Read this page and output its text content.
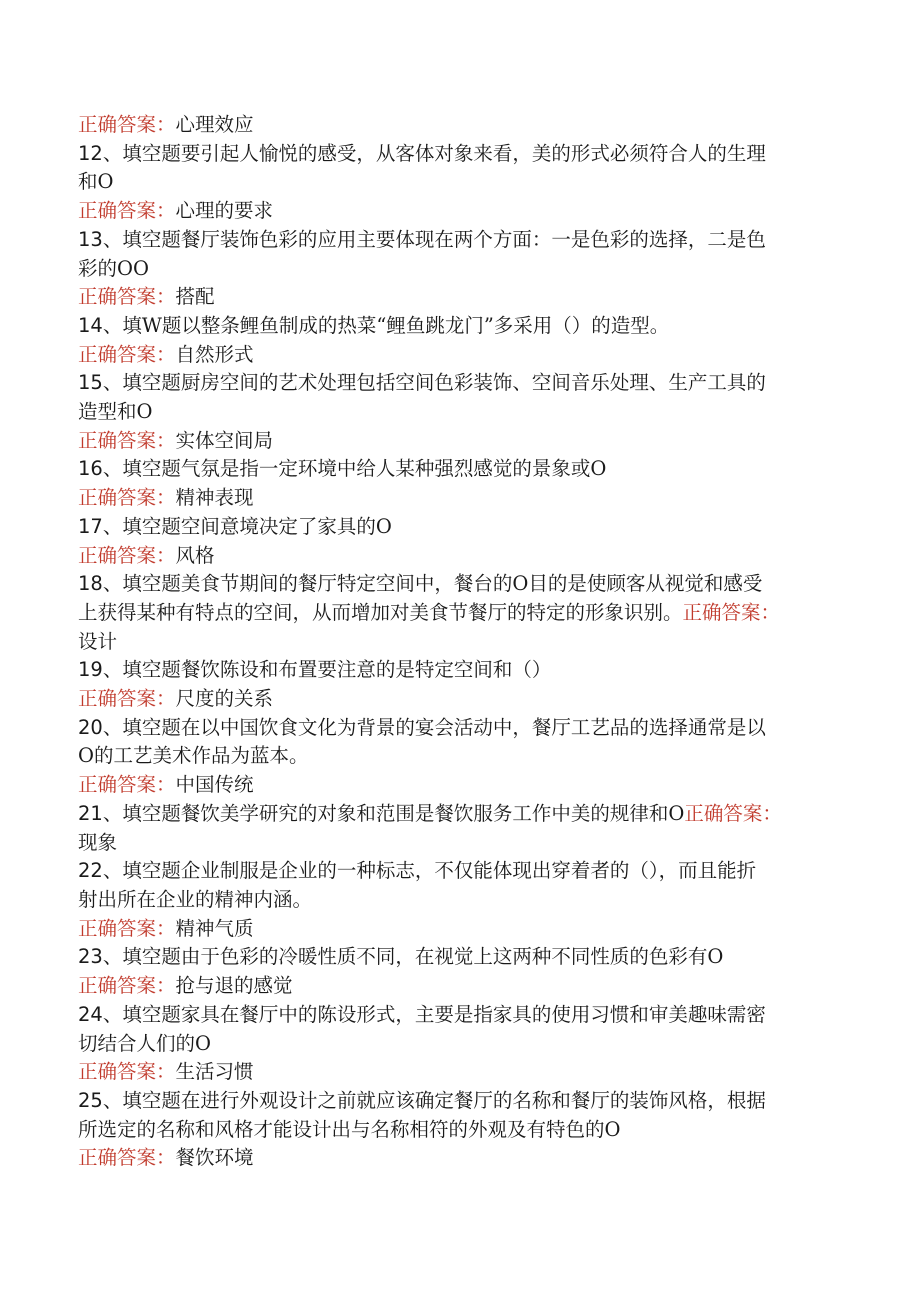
正确答案：心理效应
12、填空题要引起人愉悦的感受，从客体对象来看，美的形式必须符合人的生理
和O
正确答案：心理的要求
13、填空题餐厅装饰色彩的应用主要体现在两个方面：一是色彩的选择，二是色
彩的OO
正确答案：搭配
14、填W题以整条鲤鱼制成的热菜“鲤鱼跳龙门”多采用（）的造型。
正确答案：自然形式
15、填空题厨房空间的艺术处理包括空间色彩装饰、空间音乐处理、生产工具的
造型和O
正确答案：实体空间局
16、填空题气氛是指一定环境中给人某种强烈感觉的景象或O
正确答案：精神表现
17、填空题空间意境决定了家具的O
正确答案：风格
18、填空题美食节期间的餐厅特定空间中，餐台的O目的是使顾客从视觉和感受
上获得某种有特点的空间，从而增加对美食节餐厅的特定的形象识别。正确答案：
设计
19、填空题餐饮陈设和布置要注意的是特定空间和（）
正确答案：尺度的关系
20、填空题在以中国饮食文化为背景的宴会活动中，餐厅工艺品的选择通常是以
O的工艺美术作品为蓝本。
正确答案：中国传统
21、填空题餐饮美学研究的对象和范围是餐饮服务工作中美的规律和O正确答案：
现象
22、填空题企业制服是企业的一种标志，不仅能体现出穿着者的（），而且能折
射出所在企业的精神内涵。
正确答案：精神气质
23、填空题由于色彩的冷暖性质不同，在视觉上这两种不同性质的色彩有O
正确答案：抢与退的感觉
24、填空题家具在餐厅中的陈设形式，主要是指家具的使用习惯和审美趣味需密
切结合人们的O
正确答案：生活习惯
25、填空题在进行外观设计之前就应该确定餐厅的名称和餐厅的装饰风格，根据
所选定的名称和风格才能设计出与名称相符的外观及有特色的O
正确答案：餐饮环境
